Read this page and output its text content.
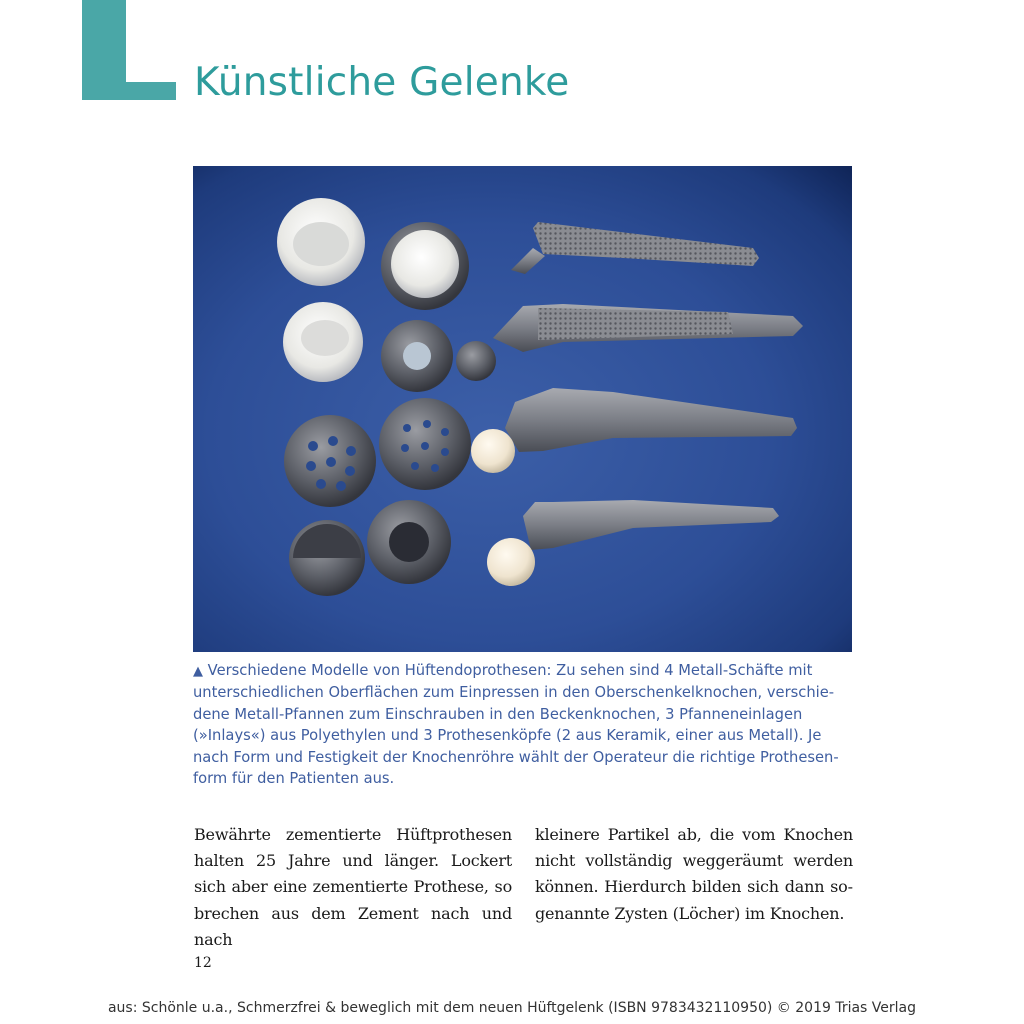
Künstliche Gelenke

▲ Verschiedene Modelle von Hüftendoprothesen: Zu sehen sind 4 Metall-Schäfte mit unterschiedlichen Oberflächen zum Einpressen in den Oberschenkelknochen, verschiedene Metall-Pfannen zum Einschrauben in den Beckenknochen, 3 Pfanneneinlagen (»Inlays«) aus Polyethylen und 3 Prothesenköpfe (2 aus Keramik, einer aus Metall). Je nach Form und Festigkeit der Knochenröhre wählt der Operateur die richtige Prothesenform für den Patienten aus.

Bewährte zementierte Hüftprothesen halten 25 Jahre und länger. Lockert sich aber eine zementierte Prothese, so brechen aus dem Zement nach und nach

kleinere Partikel ab, die vom Knochen nicht vollständig weggeräumt werden können. Hierdurch bilden sich dann sogenannte Zysten (Löcher) im Knochen.

12
aus: Schönle u.a., Schmerzfrei & beweglich mit dem neuen Hüftgelenk (ISBN 9783432110950) © 2019 Trias Verlag
